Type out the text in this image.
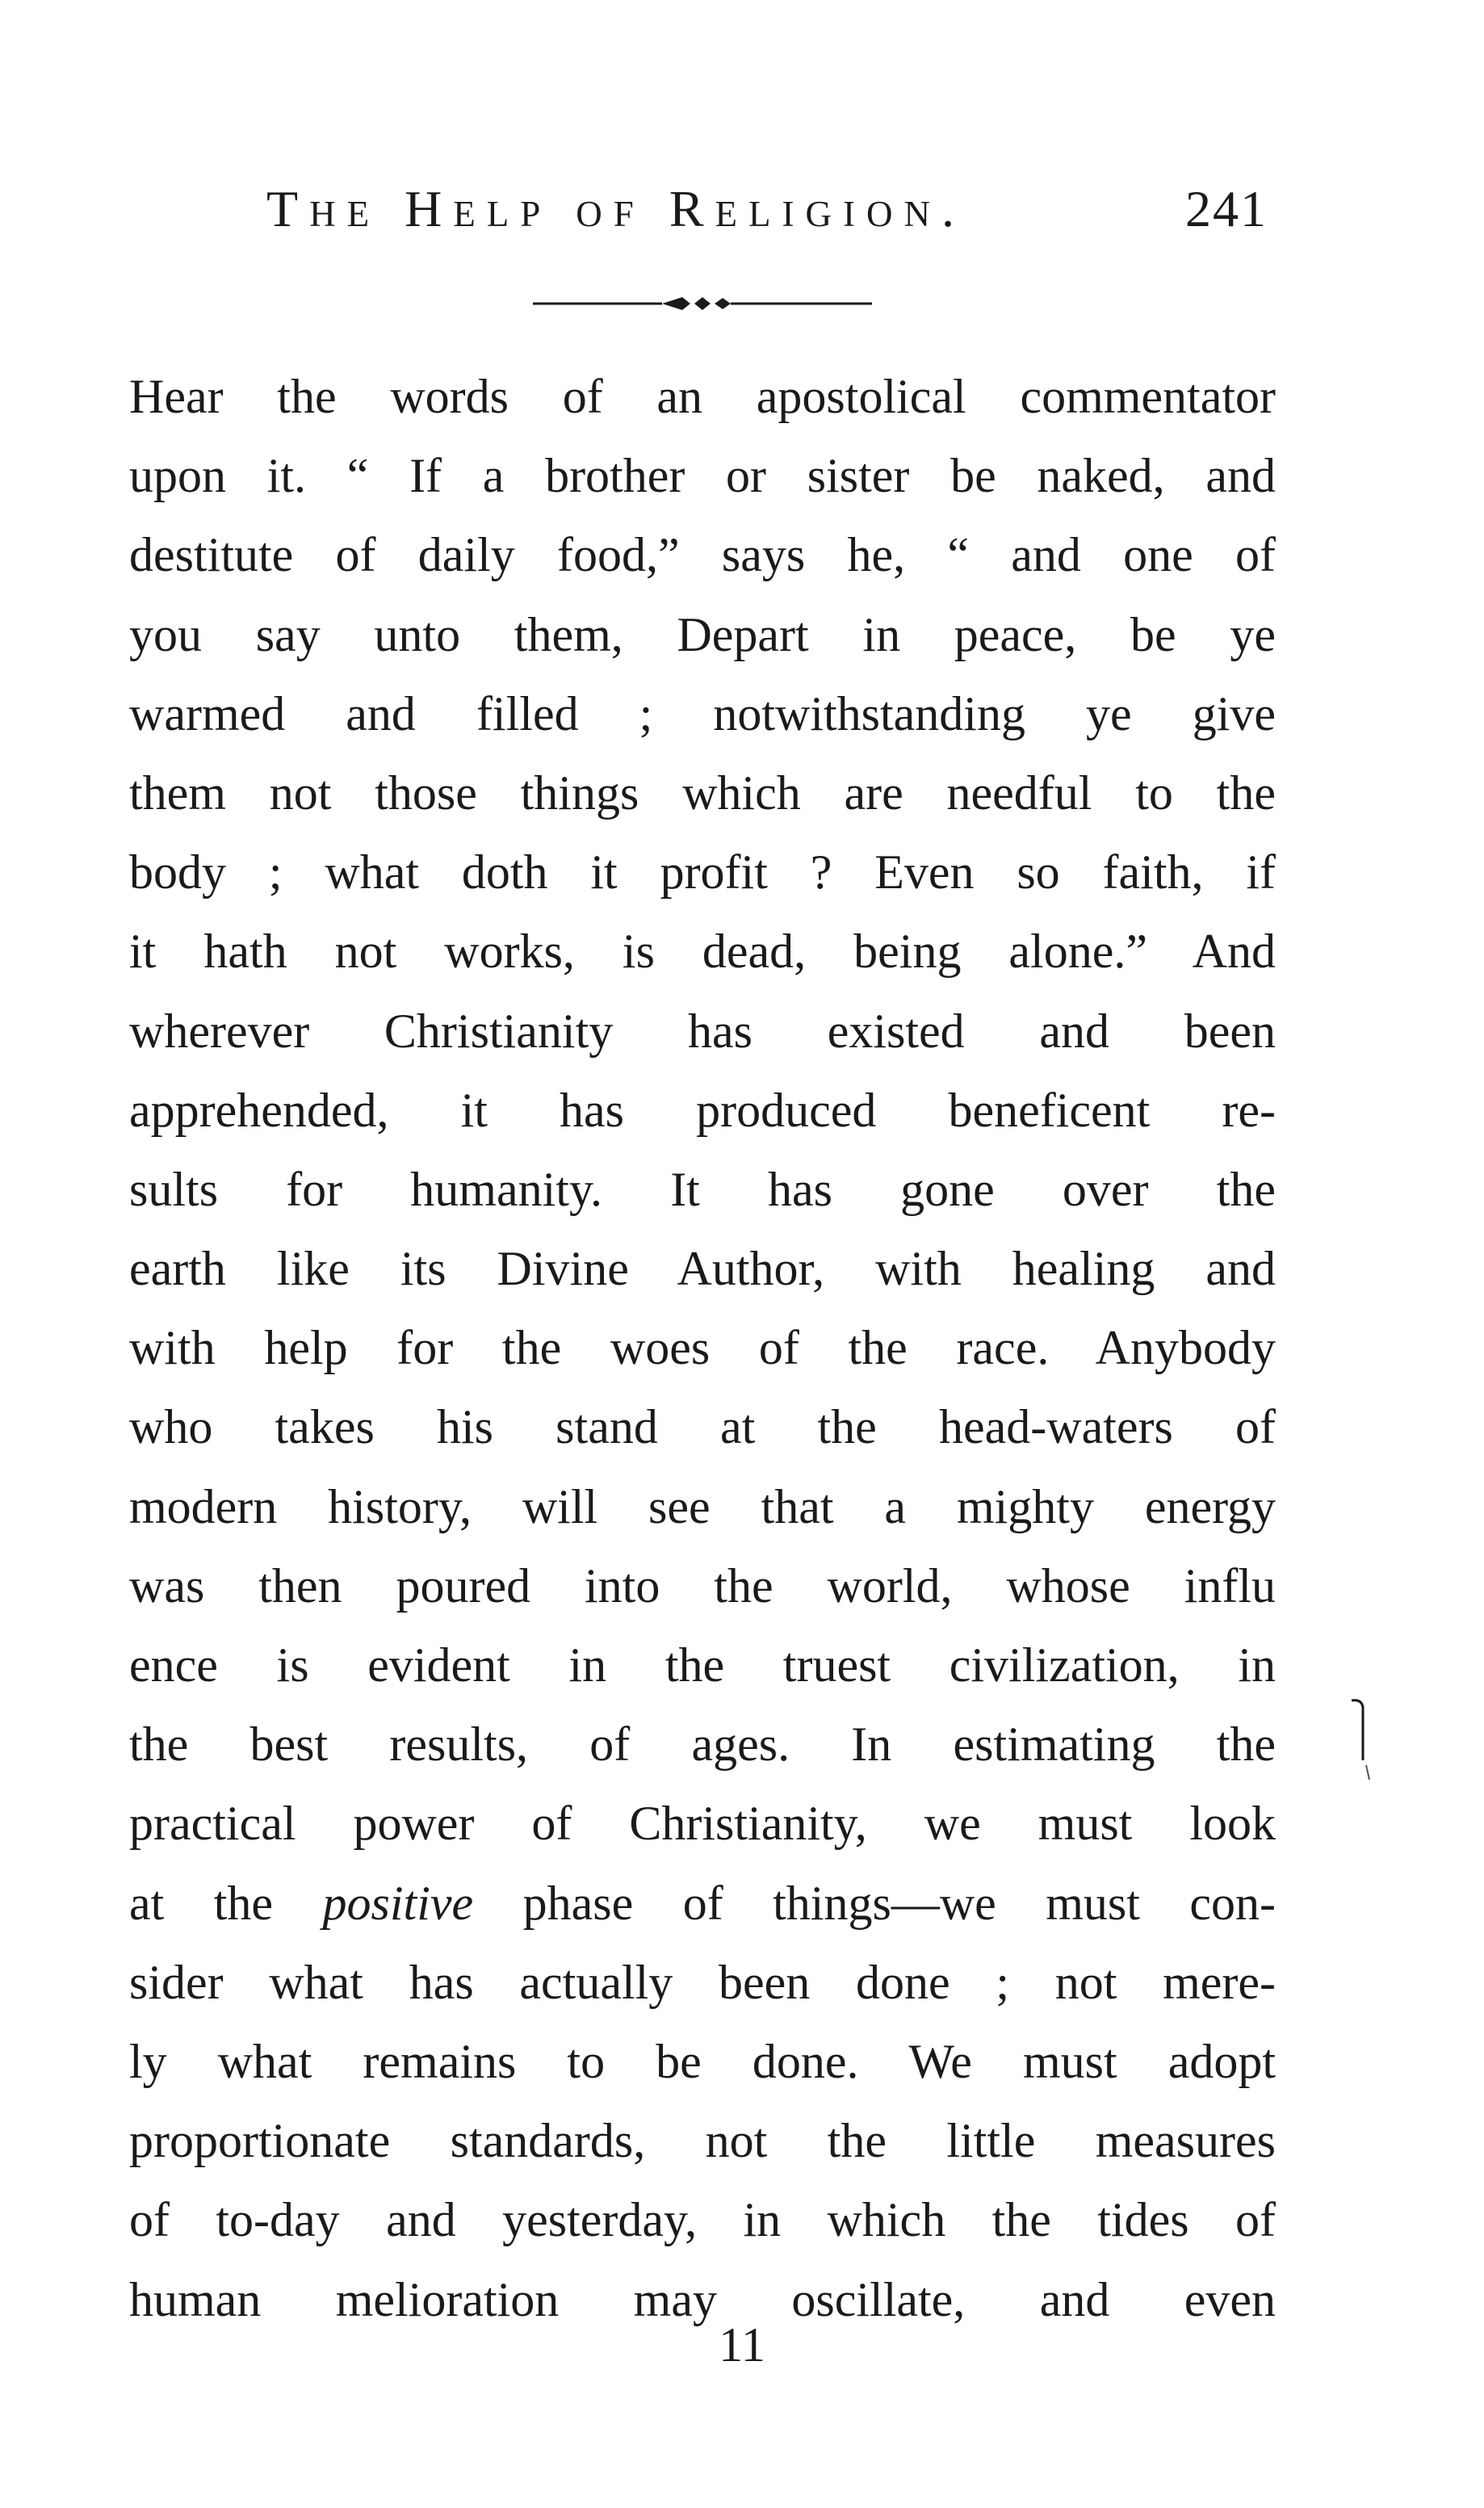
The Help of Religion.	241
Hear the words of an apostolical commentator
upon it. “ If a brother or sister be naked, and
destitute of daily food,” says he, “ and one of
you say unto them, Depart in peace, be ye
warmed and filled ; notwithstanding ye give
them not those things which are needful to the
body ; what doth it profit ? Even so faith, if
it hath not works, is dead, being alone.” And
wherever Christianity has existed and been
apprehended, it has produced beneficent re-
sults for humanity. It has gone over the
earth like its Divine Author, with healing and
with help for the woes of the race. Anybody
who takes his stand at the head-waters of
modern history, will see that a mighty energy
was then poured into the world, whose influ
ence is evident in the truest civilization, in
the best results, of ages. In estimating the
practical power of Christianity, we must look
at the positive phase of things—we must con-
sider what has actually been done ; not mere-
ly what remains to be done. We must adopt
proportionate standards, not the little measures
of to-day and yesterday, in which the tides of
human melioration may oscillate, and even
11
